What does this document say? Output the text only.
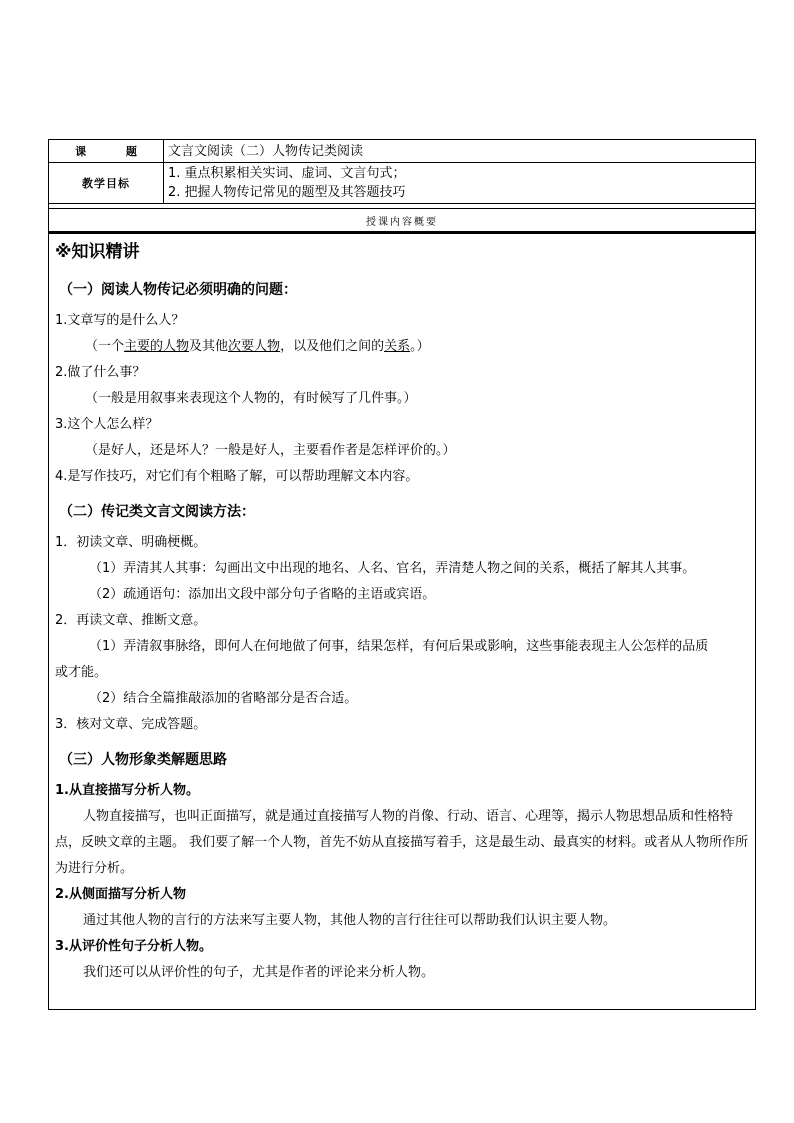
课 题	文言文阅读（二）人物传记类阅读
教学目标	1. 重点积累相关实词、虚词、文言句式；
2. 把握人物传记常见的题型及其答题技巧

授课内容概要	

※知识精讲

（一）阅读人物传记必须明确的问题：

1.文章写的是什么人？

（一个主要的人物及其他次要人物，以及他们之间的关系。）

2.做了什么事？

（一般是用叙事来表现这个人物的，有时候写了几件事。）

3.这个人怎么样？

（是好人，还是坏人？一般是好人，主要看作者是怎样评价的。）

4.是写作技巧，对它们有个粗略了解，可以帮助理解文本内容。

（二）传记类文言文阅读方法：

1．初读文章、明确梗概。

（1）弄清其人其事：勾画出文中出现的地名、人名、官名，弄清楚人物之间的关系，概括了解其人其事。

（2）疏通语句：添加出文段中部分句子省略的主语或宾语。

2．再读文章、推断文意。

（1）弄清叙事脉络，即何人在何地做了何事，结果怎样，有何后果或影响，这些事能表现主人公怎样的品质

或才能。

（2）结合全篇推敲添加的省略部分是否合适。

3．核对文章、完成答题。

（三）人物形象类解题思路

1.从直接描写分析人物。

人物直接描写，也叫正面描写，就是通过直接描写人物的肖像、行动、语言、心理等，揭示人物思想品质和性格特点，反映文章的主题。 我们要了解一个人物，首先不妨从直接描写着手，这是最生动、最真实的材料。或者从人物所作所为进行分析。

2.从侧面描写分析人物

通过其他人物的言行的方法来写主要人物，其他人物的言行往往可以帮助我们认识主要人物。

3.从评价性句子分析人物。

我们还可以从评价性的句子，尤其是作者的评论来分析人物。
